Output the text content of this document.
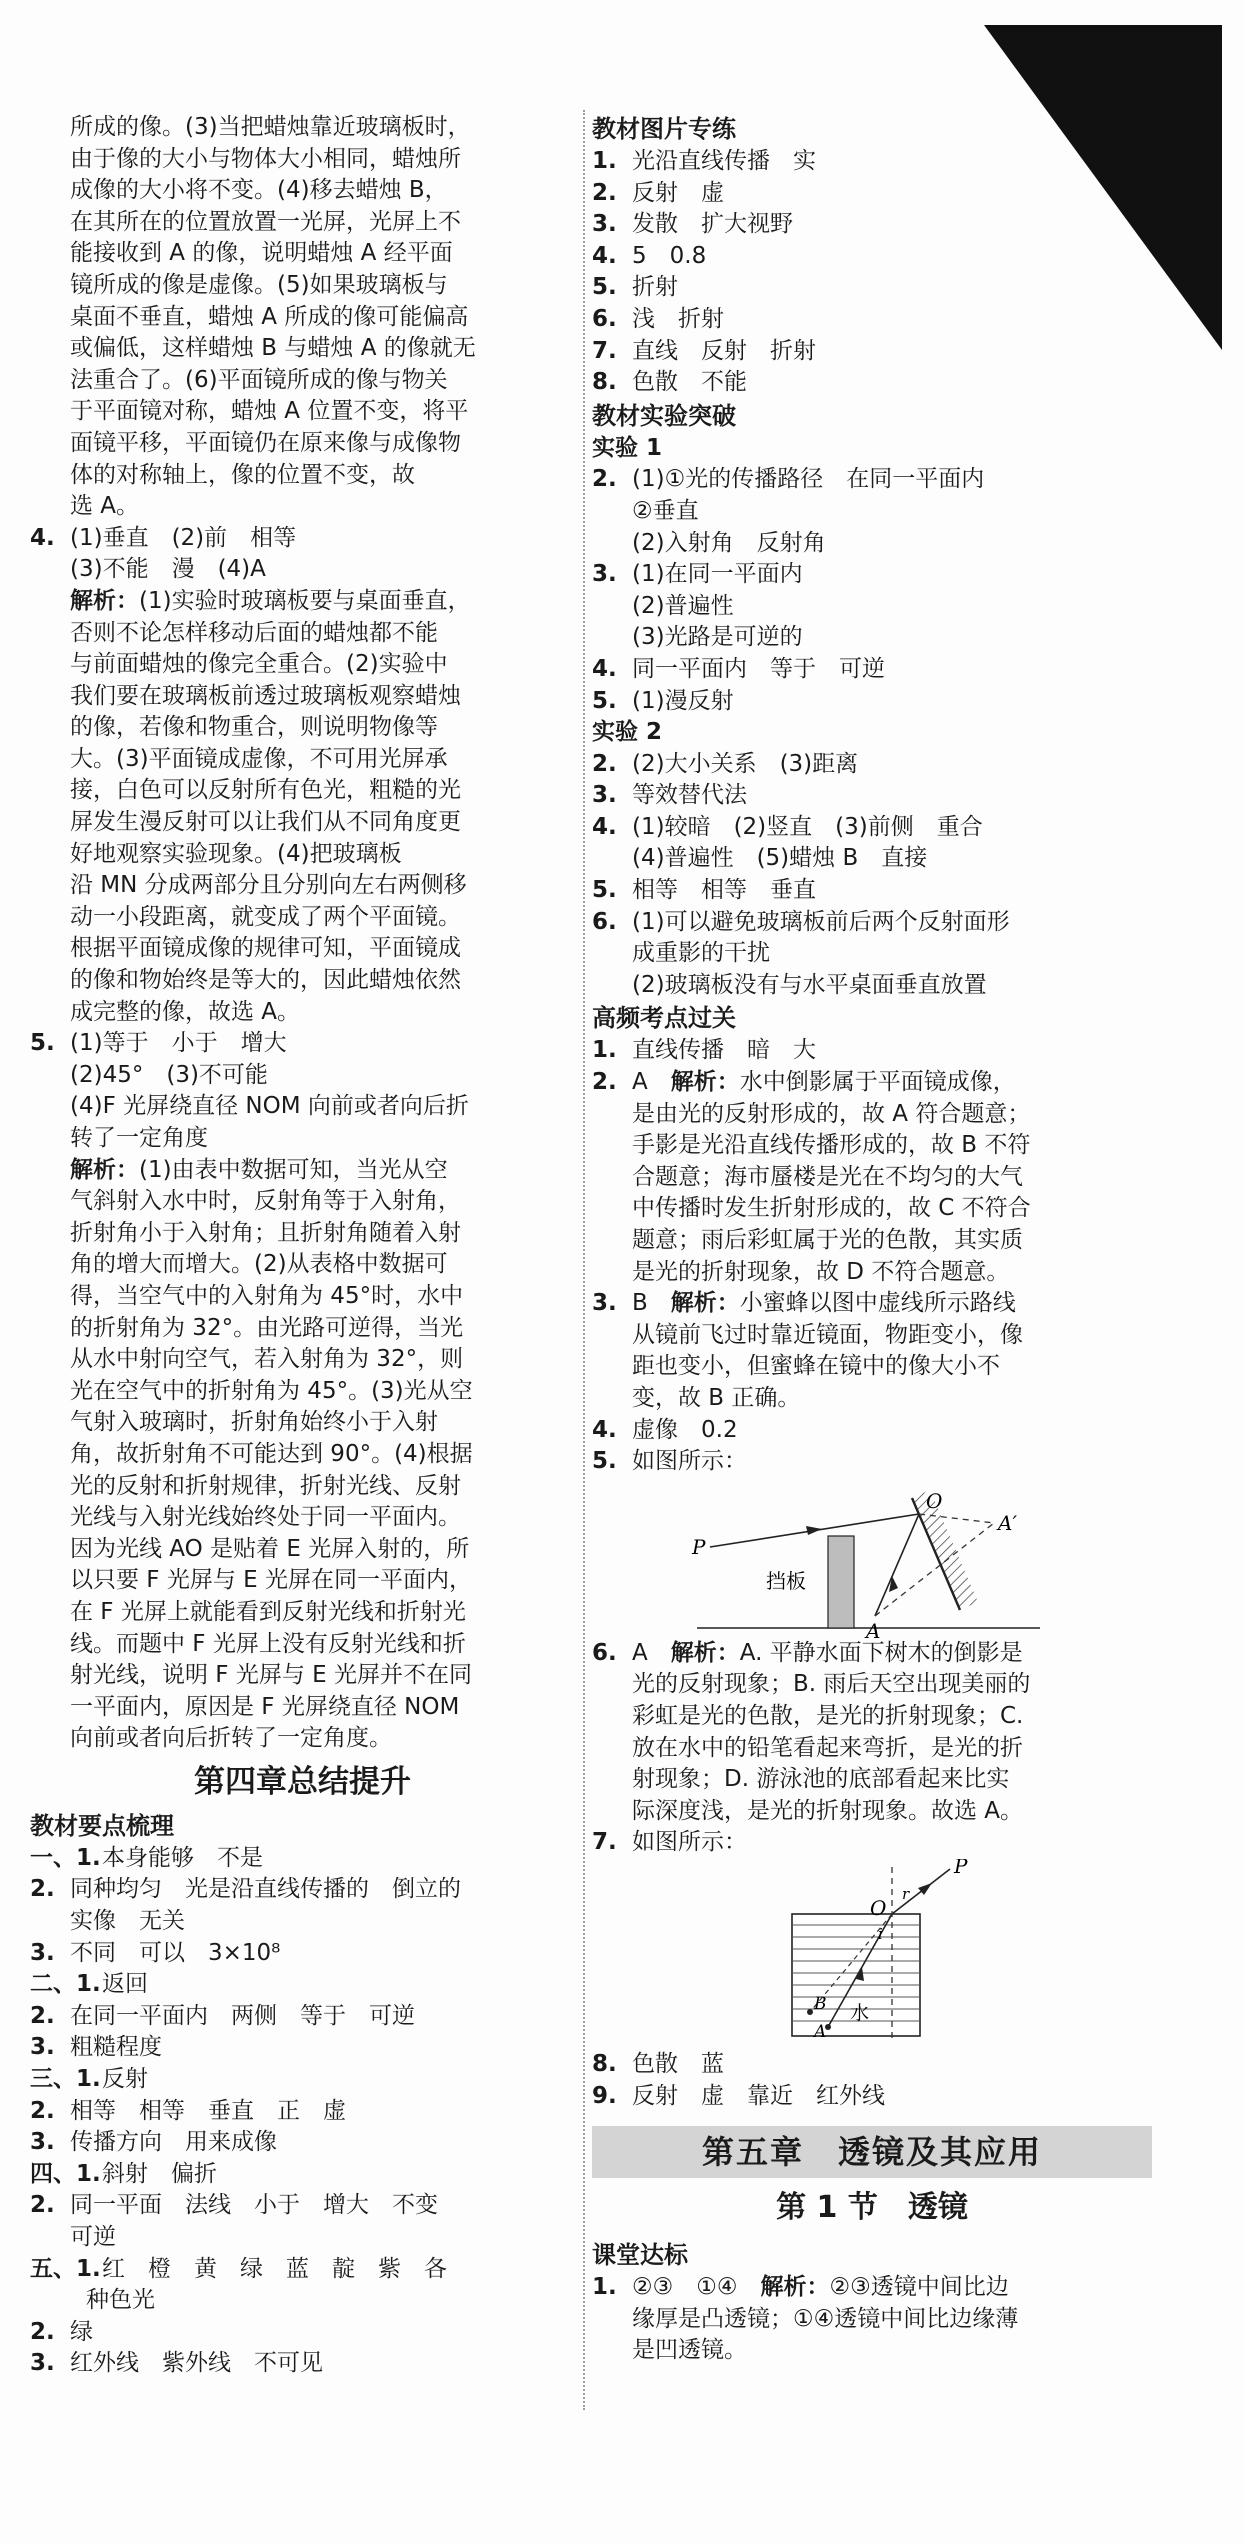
所成的像。(3)当把蜡烛靠近玻璃板时，
由于像的大小与物体大小相同，蜡烛所
成像的大小将不变。(4)移去蜡烛 B，
在其所在的位置放置一光屏，光屏上不
能接收到 A 的像，说明蜡烛 A 经平面
镜所成的像是虚像。(5)如果玻璃板与
桌面不垂直，蜡烛 A 所成的像可能偏高
或偏低，这样蜡烛 B 与蜡烛 A 的像就无
法重合了。(6)平面镜所成的像与物关
于平面镜对称，蜡烛 A 位置不变，将平
面镜平移，平面镜仍在原来像与成像物
体的对称轴上，像的位置不变，故
选 A。
4. (1)垂直　(2)前　相等
(3)不能　漫　(4)A
解析：(1)实验时玻璃板要与桌面垂直，
否则不论怎样移动后面的蜡烛都不能
与前面蜡烛的像完全重合。(2)实验中
我们要在玻璃板前透过玻璃板观察蜡烛
的像，若像和物重合，则说明物像等
大。(3)平面镜成虚像，不可用光屏承
接，白色可以反射所有色光，粗糙的光
屏发生漫反射可以让我们从不同角度更
好地观察实验现象。(4)把玻璃板
沿 MN 分成两部分且分别向左右两侧移
动一小段距离，就变成了两个平面镜。
根据平面镜成像的规律可知，平面镜成
的像和物始终是等大的，因此蜡烛依然
成完整的像，故选 A。
5. (1)等于　小于　增大
(2)45°　(3)不可能
(4)F 光屏绕直径 NOM 向前或者向后折
转了一定角度
解析：(1)由表中数据可知，当光从空
气斜射入水中时，反射角等于入射角，
折射角小于入射角；且折射角随着入射
角的增大而增大。(2)从表格中数据可
得，当空气中的入射角为 45°时，水中
的折射角为 32°。由光路可逆得，当光
从水中射向空气，若入射角为 32°，则
光在空气中的折射角为 45°。(3)光从空
气射入玻璃时，折射角始终小于入射
角，故折射角不可能达到 90°。(4)根据
光的反射和折射规律，折射光线、反射
光线与入射光线始终处于同一平面内。
因为光线 AO 是贴着 E 光屏入射的，所
以只要 F 光屏与 E 光屏在同一平面内，
在 F 光屏上就能看到反射光线和折射光
线。而题中 F 光屏上没有反射光线和折
射光线，说明 F 光屏与 E 光屏并不在同
一平面内，原因是 F 光屏绕直径 NOM
向前或者向后折转了一定角度。
第四章总结提升
教材要点梳理
一、1.本身能够　不是
2. 同种均匀　光是沿直线传播的　倒立的
实像　无关
3. 不同　可以　3×10⁸
二、1.返回
2. 在同一平面内　两侧　等于　可逆
3. 粗糙程度
三、1.反射
2. 相等　相等　垂直　正　虚
3. 传播方向　用来成像
四、1.斜射　偏折
2. 同一平面　法线　小于　增大　不变
可逆
五、1.红　橙　黄　绿　蓝　靛　紫　各
种色光
2. 绿
3. 红外线　紫外线　不可见
教材图片专练
1. 光沿直线传播　实
2. 反射　虚
3. 发散　扩大视野
4. 5　0.8
5. 折射
6. 浅　折射
7. 直线　反射　折射
8. 色散　不能
教材实验突破
实验 1
2. (1)①光的传播路径　在同一平面内
②垂直
(2)入射角　反射角
3. (1)在同一平面内
(2)普遍性
(3)光路是可逆的
4. 同一平面内　等于　可逆
5. (1)漫反射
实验 2
2. (2)大小关系　(3)距离
3. 等效替代法
4. (1)较暗　(2)竖直　(3)前侧　重合
(4)普遍性　(5)蜡烛 B　直接
5. 相等　相等　垂直
6. (1)可以避免玻璃板前后两个反射面形
成重影的干扰
(2)玻璃板没有与水平桌面垂直放置
高频考点过关
1. 直线传播　暗　大
2. A　解析：水中倒影属于平面镜成像，
是由光的反射形成的，故 A 符合题意；
手影是光沿直线传播形成的，故 B 不符
合题意；海市蜃楼是光在不均匀的大气
中传播时发生折射形成的，故 C 不符合
题意；雨后彩虹属于光的色散，其实质
是光的折射现象，故 D 不符合题意。
3. B　解析：小蜜蜂以图中虚线所示路线
从镜前飞过时靠近镜面，物距变小，像
距也变小，但蜜蜂在镜中的像大小不
变，故 B 正确。
4. 虚像　0.2
5. 如图所示：
挡板
P
O
A′
A
6. A　解析：A. 平静水面下树木的倒影是
光的反射现象；B. 雨后天空出现美丽的
彩虹是光的色散，是光的折射现象；C.
放在水中的铅笔看起来弯折，是光的折
射现象；D. 游泳池的底部看起来比实
际深度浅，是光的折射现象。故选 A。
7. 如图所示：
P
O
r
i
B
A
水
8. 色散　蓝
9. 反射　虚　靠近　红外线
第五章　透镜及其应用
第 1 节　透镜
课堂达标
1. ②③　①④　解析：②③透镜中间比边
缘厚是凸透镜；①④透镜中间比边缘薄
是凹透镜。
